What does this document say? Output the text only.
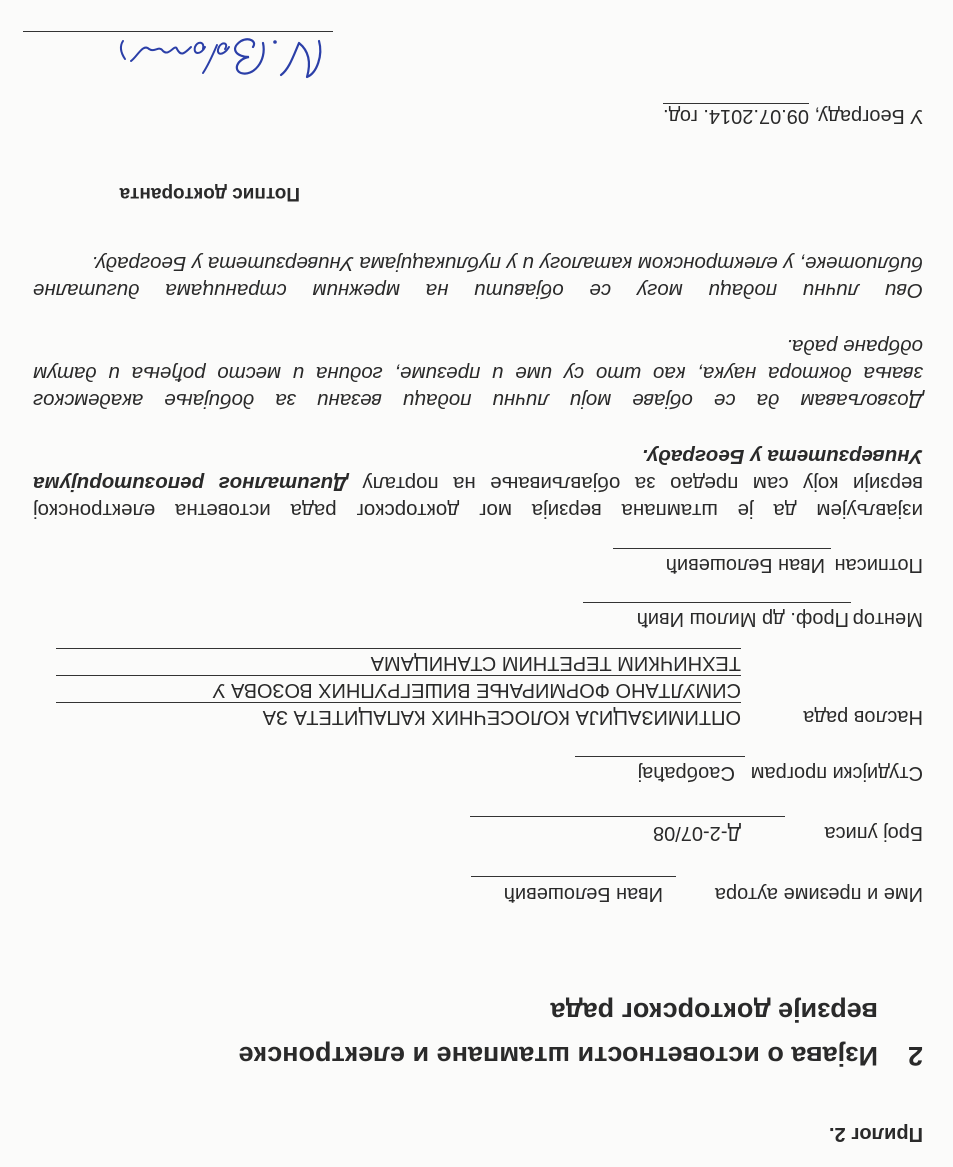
Прилог 2.
2
Изјава о истоветности штампане и електронске
верзије докторског рада
Име и презиме аутора
Иван Белошевић
Број уписа
Д-2-07/08
Студијски програм
Саобраћај
Наслов рада
ОПТИМИЗАЦИЈА КОЛОСЕЧНИХ КАПАЦИТЕТА ЗА
СИМУЛТАНО ФОРМИРАЊЕ ВИШЕГРУПНИХ ВОЗОВА У
ТЕХНИЧКИМ ТЕРЕТНИМ СТАНИЦАМА
Ментор
Проф. др Милош Ивић
Потписан
Иван Белошевић
изјављујем да је штампана верзија мог докторског рада истоветна електронској
верзији коју сам предао за објављивање на порталу Дигиталног репозиторијума
Универзитета у Београду.
Дозвољавам да се објаве моји лични подаци везани за добијање академског
звања доктора наука, као што су име и презиме, година и место рођења и датум
одбране рада.
Ови лични подаци могу се објавити на мрежним страницама дигиталне
библиотеке, у електронском каталогу и у публикацијама Универзитета у Београду.
Потпис докторанта
У Београду, 09.07.2014. год.
